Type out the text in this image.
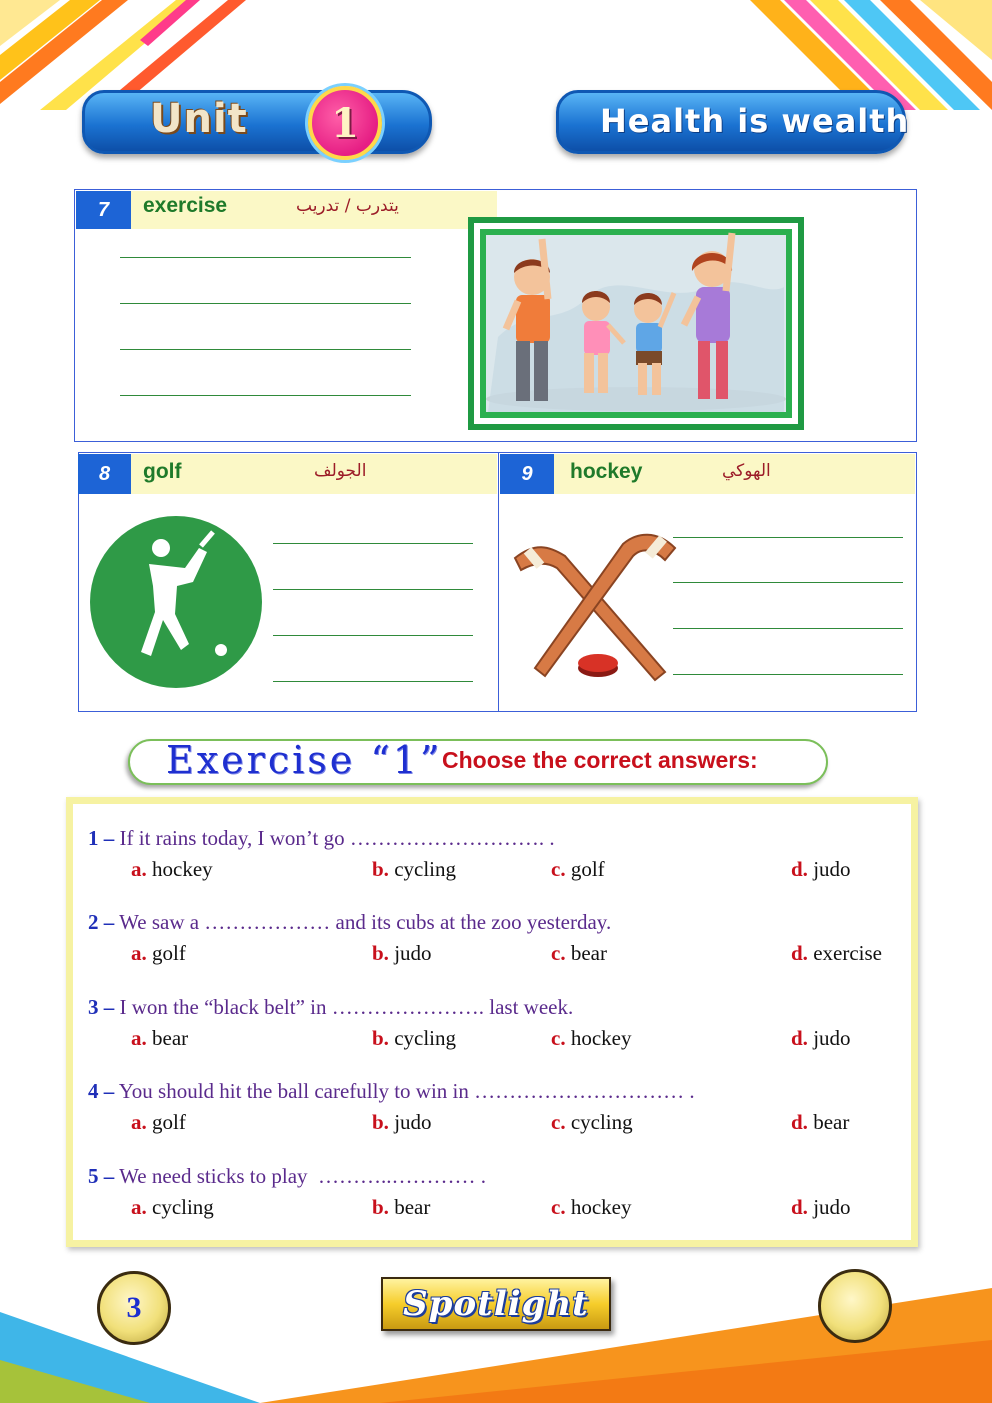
Unit 1	Health is wealth
7	exercise	يتدرب / تدريب
8	golf	الجولف	9	hockey	الهوكي
Exercise “1” Choose the correct answers:
1 – If it rains today, I won’t go ………………………. .
a. hockey	b. cycling	c. golf	d. judo
2 – We saw a ……………… and its cubs at the zoo yesterday.
a. golf	b. judo	c. bear	d. exercise
3 – I won the “black belt” in …………………. last week.
a. bear	b. cycling	c. hockey	d. judo
4 – You should hit the ball carefully to win in ………………………… .
a. golf	b. judo	c. cycling	d. bear
5 – We need sticks to play  ………..………… .
a. cycling	b. bear	c. hockey	d. judo
3	Spotlight
